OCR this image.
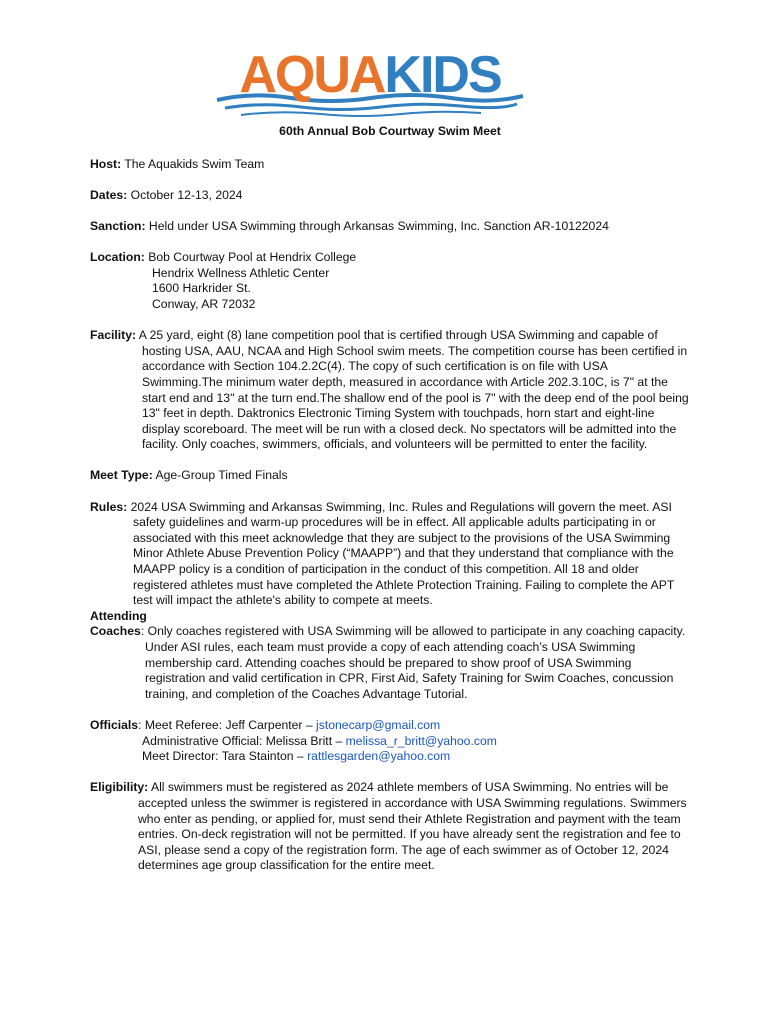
AQUAKIDS
60th Annual Bob Courtway Swim Meet
Host: The Aquakids Swim Team
Dates: October 12-13, 2024
Sanction: Held under USA Swimming through Arkansas Swimming, Inc. Sanction AR-10122024
Location: Bob Courtway Pool at Hendrix College
Hendrix Wellness Athletic Center
1600 Harkrider St.
Conway, AR 72032
Facility: A 25 yard, eight (8) lane competition pool that is certified through USA Swimming and capable of hosting USA, AAU, NCAA and High School swim meets. The competition course has been certified in accordance with Section 104.2.2C(4). The copy of such certification is on file with USA Swimming.The minimum water depth, measured in accordance with Article 202.3.10C, is 7" at the start end and 13" at the turn end.The shallow end of the pool is 7" with the deep end of the pool being 13" feet in depth. Daktronics Electronic Timing System with touchpads, horn start and eight-line display scoreboard. The meet will be run with a closed deck. No spectators will be admitted into the facility. Only coaches, swimmers, officials, and volunteers will be permitted to enter the facility.
Meet Type: Age-Group Timed Finals
Rules: 2024 USA Swimming and Arkansas Swimming, Inc. Rules and Regulations will govern the meet. ASI safety guidelines and warm-up procedures will be in effect. All applicable adults participating in or associated with this meet acknowledge that they are subject to the provisions of the USA Swimming Minor Athlete Abuse Prevention Policy (“MAAPP”) and that they understand that compliance with the MAAPP policy is a condition of participation in the conduct of this competition. All 18 and older registered athletes must have completed the Athlete Protection Training. Failing to complete the APT test will impact the athlete's ability to compete at meets.
Attending
Coaches: Only coaches registered with USA Swimming will be allowed to participate in any coaching capacity. Under ASI rules, each team must provide a copy of each attending coach’s USA Swimming membership card. Attending coaches should be prepared to show proof of USA Swimming registration and valid certification in CPR, First Aid, Safety Training for Swim Coaches, concussion training, and completion of the Coaches Advantage Tutorial.
Officials: Meet Referee: Jeff Carpenter – jstonecarp@gmail.com
Administrative Official: Melissa Britt – melissa_r_britt@yahoo.com
Meet Director: Tara Stainton – rattlesgarden@yahoo.com
Eligibility: All swimmers must be registered as 2024 athlete members of USA Swimming. No entries will be accepted unless the swimmer is registered in accordance with USA Swimming regulations. Swimmers who enter as pending, or applied for, must send their Athlete Registration and payment with the team entries. On-deck registration will not be permitted. If you have already sent the registration and fee to ASI, please send a copy of the registration form. The age of each swimmer as of October 12, 2024 determines age group classification for the entire meet.
